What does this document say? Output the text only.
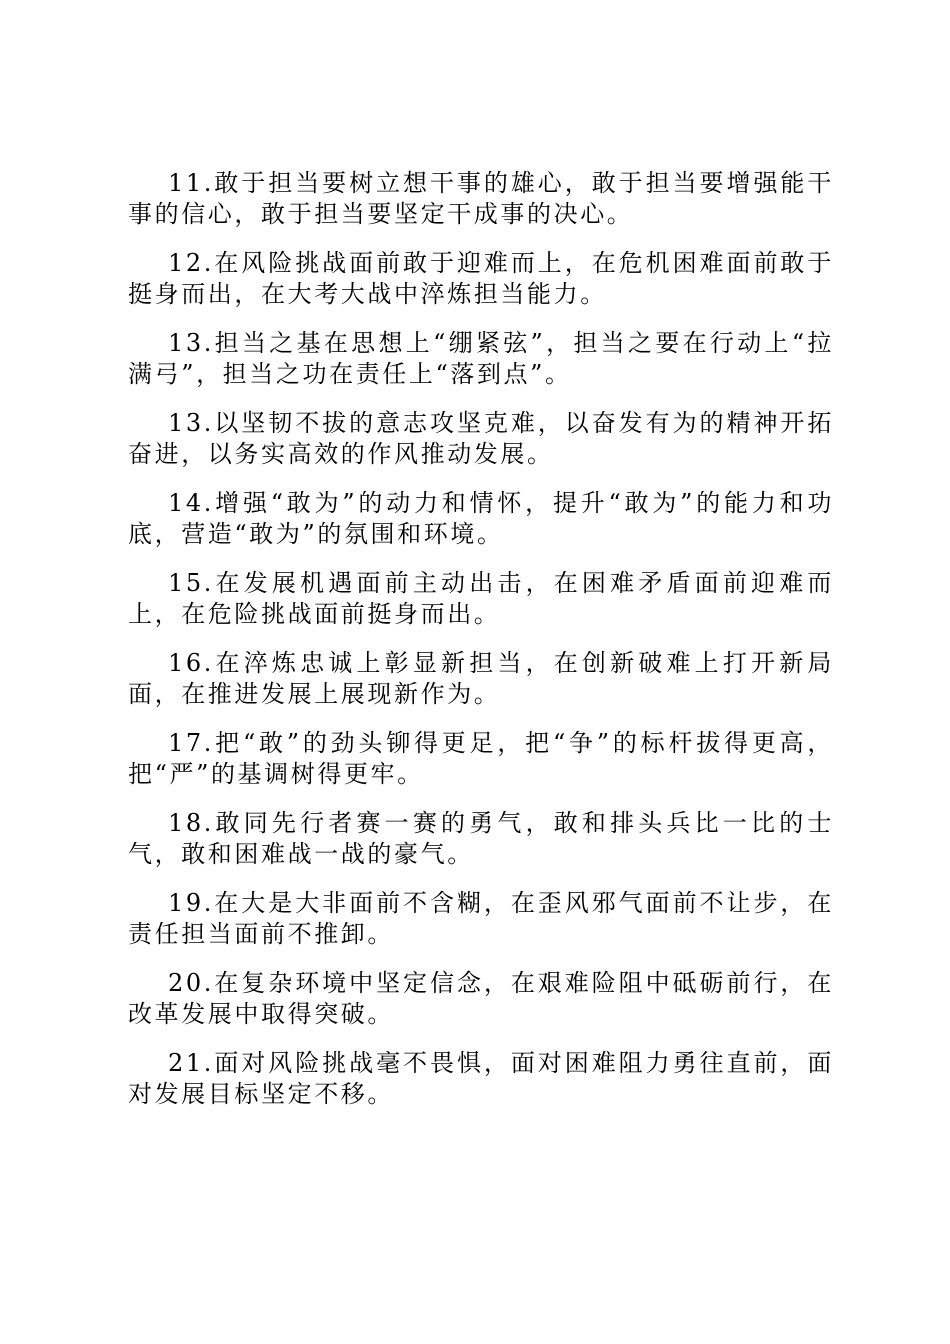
11.敢于担当要树立想干事的雄心，敢于担当要增强能干事的信心，敢于担当要坚定干成事的决心。

12.在风险挑战面前敢于迎难而上，在危机困难面前敢于挺身而出，在大考大战中淬炼担当能力。

13.担当之基在思想上“绷紧弦”，担当之要在行动上“拉满弓”，担当之功在责任上“落到点”。

13.以坚韧不拔的意志攻坚克难，以奋发有为的精神开拓奋进，以务实高效的作风推动发展。

14.增强“敢为”的动力和情怀，提升“敢为”的能力和功底，营造“敢为”的氛围和环境。

15.在发展机遇面前主动出击，在困难矛盾面前迎难而上，在危险挑战面前挺身而出。

16.在淬炼忠诚上彰显新担当，在创新破难上打开新局面，在推进发展上展现新作为。

17.把“敢”的劲头铆得更足，把“争”的标杆拔得更高，把“严”的基调树得更牢。

18.敢同先行者赛一赛的勇气，敢和排头兵比一比的士气，敢和困难战一战的豪气。

19.在大是大非面前不含糊，在歪风邪气面前不让步，在责任担当面前不推卸。

20.在复杂环境中坚定信念，在艰难险阻中砥砺前行，在改革发展中取得突破。

21.面对风险挑战毫不畏惧，面对困难阻力勇往直前，面对发展目标坚定不移。
